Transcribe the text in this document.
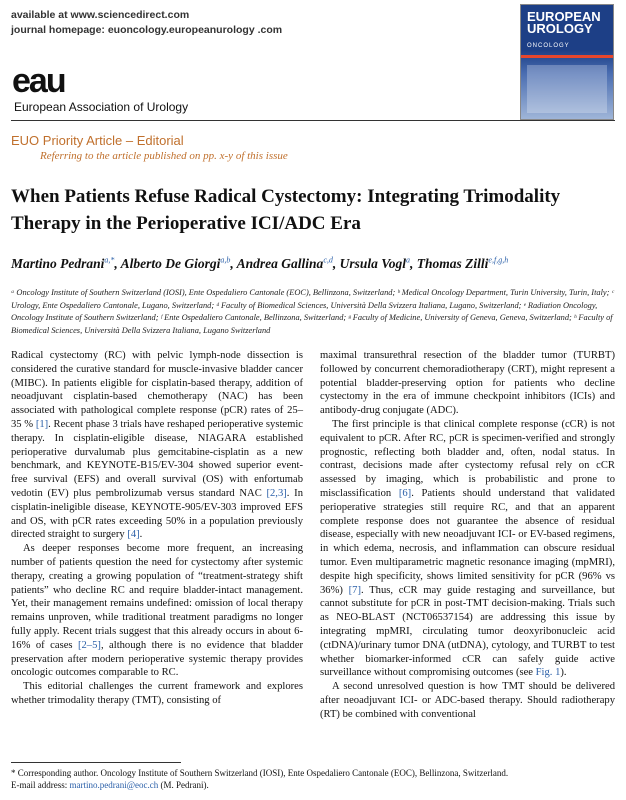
available at www.sciencedirect.com
journal homepage: euoncology.europeanurology .com
EUROPEAN UROLOGY
ONCOLOGY
eau
European Association of Urology
EUO Priority Article – Editorial
Referring to the article published on pp. x-y of this issue
When Patients Refuse Radical Cystectomy: Integrating Trimodality Therapy in the Perioperative ICI/ADC Era
Martino Pedrani$^{a,*}$, Alberto De Giorgi$^{a,b}$, Andrea Gallina$^{c,d}$, Ursula Vogl$^a$, Thomas Zilli$^{e,f,g,h}$
ᵃ Oncology Institute of Southern Switzerland (IOSI), Ente Ospedaliero Cantonale (EOC), Bellinzona, Switzerland; ᵇ Medical Oncology Department, Turin University, Turin, Italy; ᶜ Urology, Ente Ospedaliero Cantonale, Lugano, Switzerland; ᵈ Faculty of Biomedical Sciences, Università Della Svizzera Italiana, Lugano, Switzerland; ᵉ Radiation Oncology, Oncology Institute of Southern Switzerland; ᶠ Ente Ospedaliero Cantonale, Bellinzona, Switzerland; ᵍ Faculty of Medicine, University of Geneva, Geneva, Switzerland; ʰ Faculty of Biomedical Sciences, Università Della Svizzera Italiana, Lugano Switzerland

Radical cystectomy (RC) with pelvic lymph-node dissection is considered the curative standard for muscle-invasive bladder cancer (MIBC). In patients eligible for cisplatin-based therapy, addition of neoadjuvant cisplatin-based chemotherapy (NAC) has been associated with pathological complete response (pCR) rates of 25–35 % [1]. Recent phase 3 trials have reshaped perioperative systemic therapy. In cisplatin-eligible disease, NIAGARA established perioperative durvalumab plus gemcitabine-cisplatin as a new benchmark, and KEYNOTE-B15/EV-304 showed superior event-free survival (EFS) and overall survival (OS) with enfortumab vedotin (EV) plus pembrolizumab versus standard NAC [2,3]. In cisplatin-ineligible disease, KEYNOTE-905/EV-303 improved EFS and OS, with pCR rates exceeding 50% in a population previously directed straight to surgery [4].

As deeper responses become more frequent, an increasing number of patients question the need for cystectomy after systemic therapy, creating a growing population of “treatment-strategy shift patients” who decline RC and require bladder-intact management. Yet, their management remains undefined: omission of local therapy remains unproven, while traditional treatment paradigms no longer fully apply. Recent trials suggest that this already occurs in about 6-16% of cases [2–5], although there is no evidence that bladder preservation after modern perioperative systemic therapy provides oncologic outcomes comparable to RC.

This editorial challenges the current framework and explores whether trimodality therapy (TMT), consisting of

maximal transurethral resection of the bladder tumor (TURBT) followed by concurrent chemoradiotherapy (CRT), might represent a potential bladder-preserving option for patients who decline cystectomy in the era of immune checkpoint inhibitors (ICIs) and antibody-drug conjugate (ADC).

The first principle is that clinical complete response (cCR) is not equivalent to pCR. After RC, pCR is specimen-verified and strongly prognostic, reflecting both bladder and, often, nodal status. In contrast, decisions made after cystectomy refusal rely on cCR assessed by imaging, which is probabilistic and prone to misclassification [6]. Patients should understand that validated perioperative strategies still require RC, and that an apparent complete response does not guarantee the absence of residual disease, especially with new neoadjuvant ICI- or EV-based regimens, in which edema, necrosis, and inflammation can obscure residual tumor. Even multiparametric magnetic resonance imaging (mpMRI), despite high specificity, shows limited sensitivity for pCR (96% vs 36%) [7]. Thus, cCR may guide restaging and surveillance, but cannot substitute for pCR in post-TMT decision-making. Trials such as NEO-BLAST (NCT06537154) are addressing this issue by integrating mpMRI, circulating tumor deoxyribonucleic acid (ctDNA)/urinary tumor DNA (utDNA), cytology, and TURBT to test whether biomarker-informed cCR can safely guide active surveillance without compromising outcomes (see Fig. 1).

A second unresolved question is how TMT should be delivered after neoadjuvant ICI- or ADC-based therapy. Should radiotherapy (RT) be combined with conventional

* Corresponding author. Oncology Institute of Southern Switzerland (IOSI), Ente Ospedaliero Cantonale (EOC), Bellinzona, Switzerland.
E-mail address: martino.pedrani@eoc.ch (M. Pedrani).
